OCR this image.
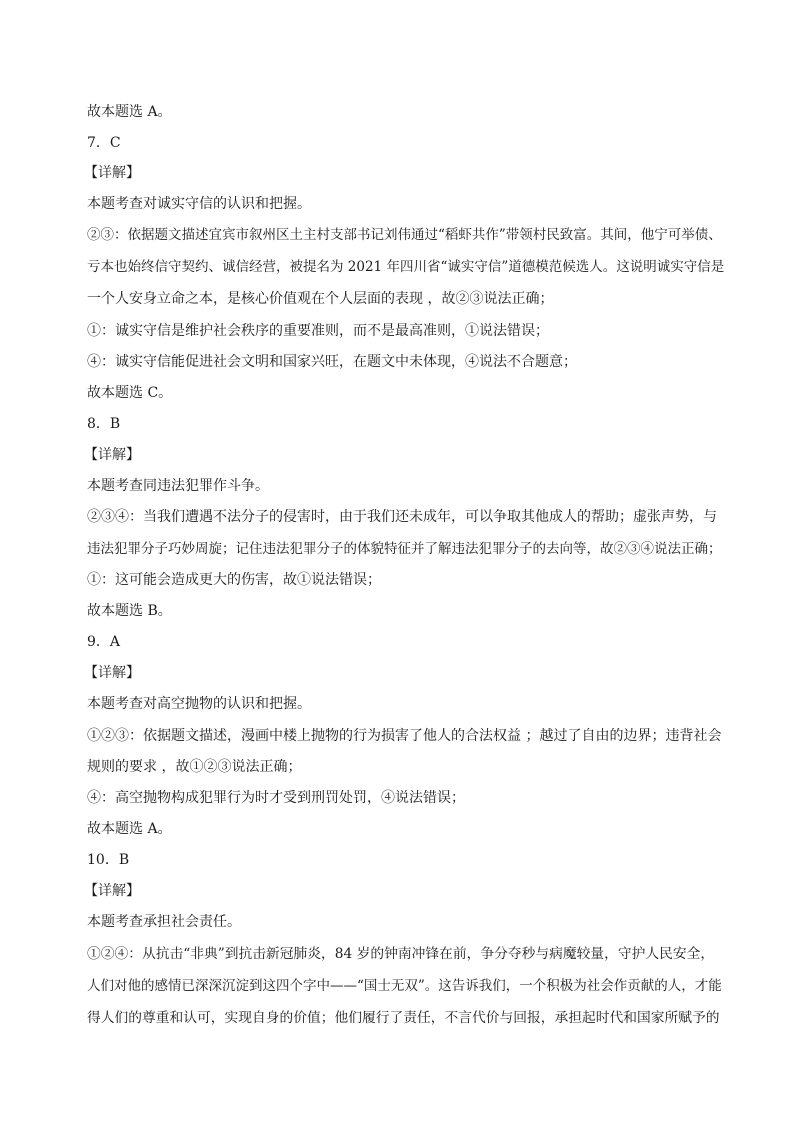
故本题选 A。
7．C
【详解】
本题考查对诚实守信的认识和把握。
②③：依据题文描述宜宾市叙州区土主村支部书记刘伟通过“稻虾共作”带领村民致富。其间，他宁可举债、
亏本也始终信守契约、诚信经营，被提名为 2021 年四川省“诚实守信”道德模范候选人。这说明诚实守信是
一个人安身立命之本，是核心价值观在个人层面的表现 ，故②③说法正确；
①：诚实守信是维护社会秩序的重要准则，而不是最高准则，①说法错误；
④：诚实守信能促进社会文明和国家兴旺，在题文中未体现，④说法不合题意；
故本题选 C。
8．B
【详解】
本题考查同违法犯罪作斗争。
②③④：当我们遭遇不法分子的侵害时，由于我们还未成年，可以争取其他成人的帮助；虚张声势，与
违法犯罪分子巧妙周旋；记住违法犯罪分子的体貌特征并了解违法犯罪分子的去向等，故②③④说法正确；
①：这可能会造成更大的伤害，故①说法错误；
故本题选 B。
9．A
【详解】
本题考查对高空抛物的认识和把握。
①②③：依据题文描述，漫画中楼上抛物的行为损害了他人的合法权益 ；越过了自由的边界；违背社会
规则的要求 ，故①②③说法正确；
④：高空抛物构成犯罪行为时才受到刑罚处罚，④说法错误；
故本题选 A。
10．B
【详解】
本题考查承担社会责任。
①②④：从抗击“非典”到抗击新冠肺炎，84 岁的钟南冲锋在前，争分夺秒与病魔较量，守护人民安全，
人们对他的感情已深深沉淀到这四个字中——“国士无双”。这告诉我们，一个积极为社会作贡献的人，才能
得人们的尊重和认可，实现自身的价值；他们履行了责任，不言代价与回报，承担起时代和国家所赋予的
